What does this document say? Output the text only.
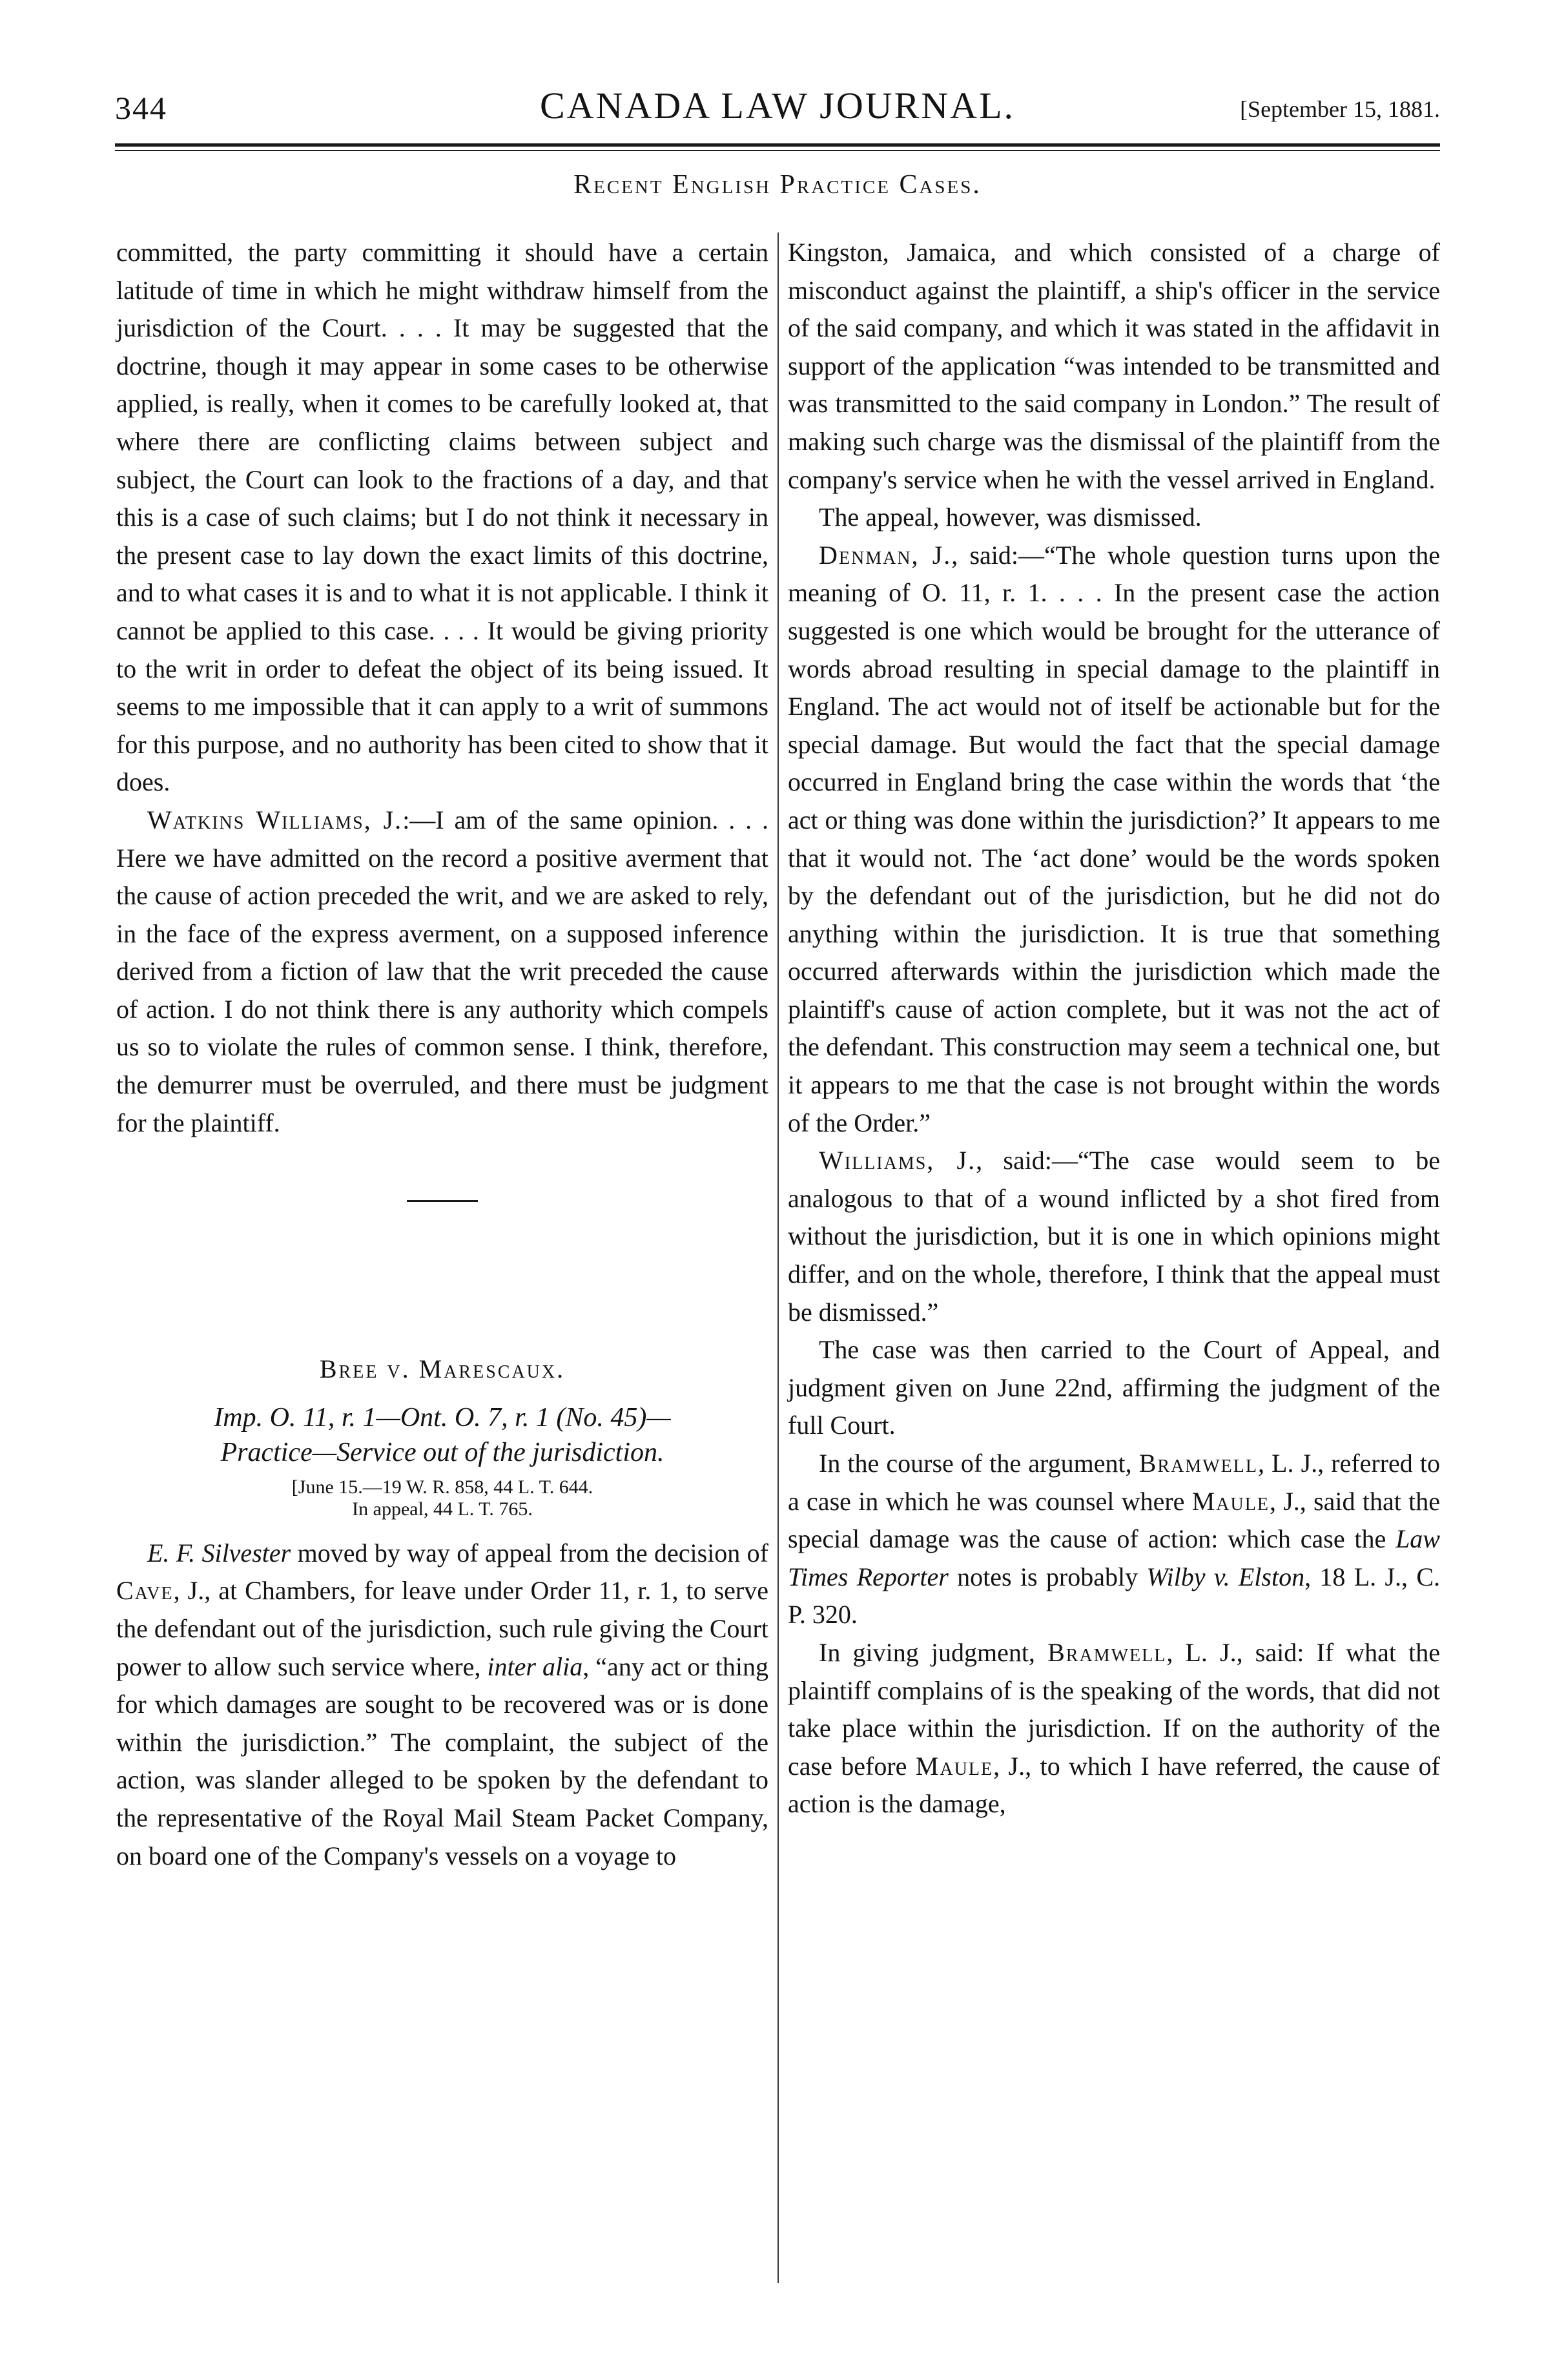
344	CANADA LAW JOURNAL.	[September 15, 1881.
Recent English Practice Cases.

committed, the party committing it should have a certain latitude of time in which he might withdraw himself from the jurisdiction of the Court. . . . It may be suggested that the doctrine, though it may appear in some cases to be otherwise applied, is really, when it comes to be carefully looked at, that where there are conflicting claims between subject and subject, the Court can look to the fractions of a day, and that this is a case of such claims; but I do not think it necessary in the present case to lay down the exact limits of this doctrine, and to what cases it is and to what it is not applicable. I think it cannot be applied to this case. . . . It would be giving priority to the writ in order to defeat the object of its being issued. It seems to me impossible that it can apply to a writ of summons for this purpose, and no authority has been cited to show that it does.

Watkins Williams, J.:—I am of the same opinion. . . . Here we have admitted on the record a positive averment that the cause of action preceded the writ, and we are asked to rely, in the face of the express averment, on a supposed inference derived from a fiction of law that the writ preceded the cause of action. I do not think there is any authority which compels us so to violate the rules of common sense. I think, therefore, the demurrer must be overruled, and there must be judgment for the plaintiff.

Bree v. Marescaux.
Imp. O. 11, r. 1—Ont. O. 7, r. 1 (No. 45)—
Practice—Service out of the jurisdiction.
[June 15.—19 W. R. 858, 44 L. T. 644.
In appeal, 44 L. T. 765.

E. F. Silvester moved by way of appeal from the decision of Cave, J., at Chambers, for leave under Order 11, r. 1, to serve the defendant out of the jurisdiction, such rule giving the Court power to allow such service where, inter alia, “any act or thing for which damages are sought to be recovered was or is done within the jurisdiction.” The complaint, the subject of the action, was slander alleged to be spoken by the defendant to the representative of the Royal Mail Steam Packet Company, on board one of the Company's vessels on a voyage to

Kingston, Jamaica, and which consisted of a charge of misconduct against the plaintiff, a ship's officer in the service of the said company, and which it was stated in the affidavit in support of the application “was intended to be transmitted and was transmitted to the said company in London.” The result of making such charge was the dismissal of the plaintiff from the company's service when he with the vessel arrived in England.

The appeal, however, was dismissed.

Denman, J., said:—“The whole question turns upon the meaning of O. 11, r. 1. . . . In the present case the action suggested is one which would be brought for the utterance of words abroad resulting in special damage to the plaintiff in England. The act would not of itself be actionable but for the special damage. But would the fact that the special damage occurred in England bring the case within the words that ‘the act or thing was done within the jurisdiction?’ It appears to me that it would not. The ‘act done’ would be the words spoken by the defendant out of the jurisdiction, but he did not do anything within the jurisdiction. It is true that something occurred afterwards within the jurisdiction which made the plaintiff's cause of action complete, but it was not the act of the defendant. This construction may seem a technical one, but it appears to me that the case is not brought within the words of the Order.”

Williams, J., said:—“The case would seem to be analogous to that of a wound inflicted by a shot fired from without the jurisdiction, but it is one in which opinions might differ, and on the whole, therefore, I think that the appeal must be dismissed.”

The case was then carried to the Court of Appeal, and judgment given on June 22nd, affirming the judgment of the full Court.

In the course of the argument, Bramwell, L. J., referred to a case in which he was counsel where Maule, J., said that the special damage was the cause of action: which case the Law Times Reporter notes is probably Wilby v. Elston, 18 L. J., C. P. 320.

In giving judgment, Bramwell, L. J., said: If what the plaintiff complains of is the speaking of the words, that did not take place within the jurisdiction. If on the authority of the case before Maule, J., to which I have referred, the cause of action is the damage,
